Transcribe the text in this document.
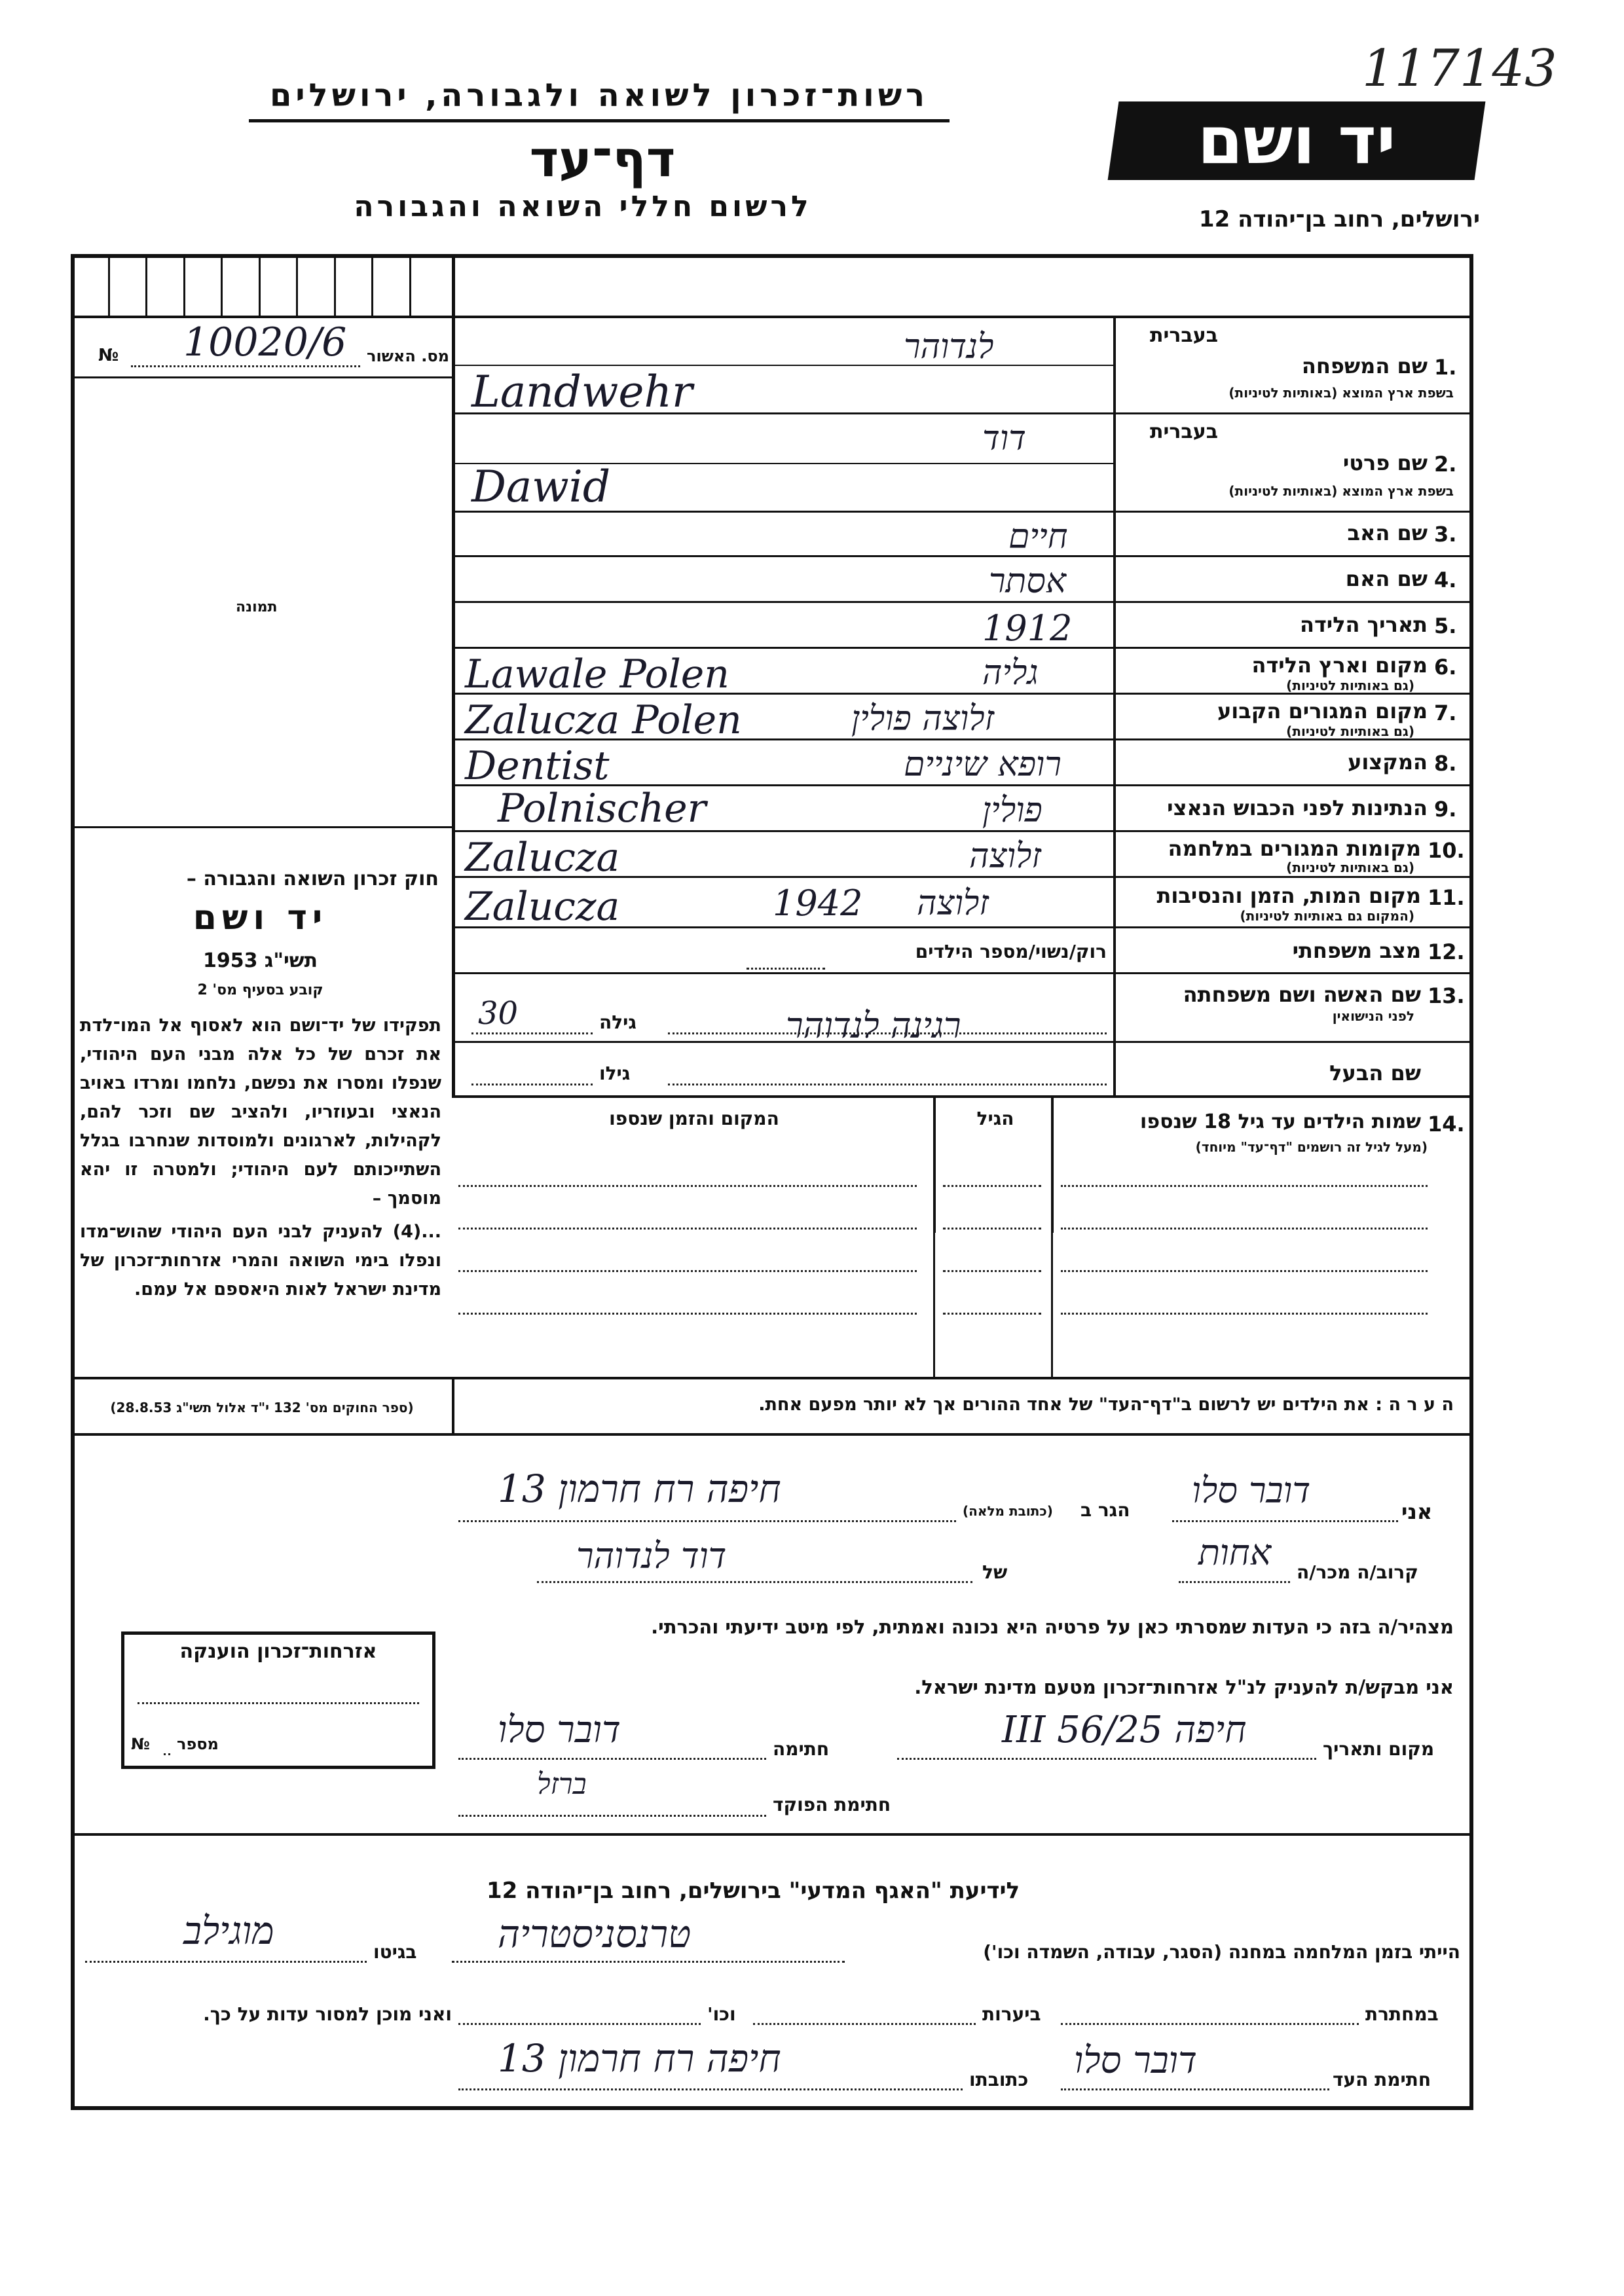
117143
רשות־זכרון לשואה ולגבורה, ירושלים
דף־עד
לרשום חללי השואה והגבורה
יד ושם
ירושלים, רחוב בן־יהודה 12
מס. האשור
№ 10020/6
תמונה
חוק זכרון השואה והגבורה –
יד ושם
תשי"ג 1953
קובע בסעיף מס' 2
תפקידו של יד־ושם הוא לאסוף אל המו־לדת את זכרם של כל אלה מבני העם היהודי, שנפלו ומסרו את נפשם, נלחמו ומרדו באויב הנאצי ובעוזריו, ולהציב שם וזכר להם, לקהילות, לארגונים ולמוסדות שנחרבו בגלל השתייכותם לעם היהודי; ולמטרה זו יהא מוסמך –
...(4) להעניק לבני העם היהודי שהוש־מדו ונפלו בימי השואה והמרי אזרחות־זכרון של מדינת ישראל לאות היאספם אל עמם.
(ספר החוקים מס' 132 י"ד אלול תשי"ג 28.8.53)
בעברית
1.
שם המשפחה
בשפת ארץ המוצא (באותיות לטיניות)
לנדוהר
Landwehr
בעברית
2.
שם פרטי
בשפת ארץ המוצא (באותיות לטיניות)
דוד
Dawid
3.
שם האב
חיים
4.
שם האם
אסתר
5.
תאריך הלידה
1912
6.
מקום וארץ הלידה
(גם באותיות לטיניות)
גליה
Lawale Polen
7.
מקום המגורים הקבוע
(גם באותיות לטיניות)
זלוצה פולין
Zalucza Polen
8.
המקצוע
רופא שיניים
Dentist
9.
הנתינות לפני הכבוש הנאצי
פולין
Polnischer
10.
מקומות המגורים במלחמה
(גם באותיות לטיניות)
זלוצה
Zalucza
11.
מקום המות, הזמן והנסיבות
(המקום גם באותיות לטיניות)
זלוצה
1942
Zalucza
12.
מצב משפחתי
רוק/נשוי/מספר הילדים
13.
שם האשה ושם משפחתה
לפני הנישואין
רגינה לנדוהר
גילה
30
שם הבעל
גילו
14.
שמות הילדים עד גיל 18 שנספו
(מעל לגיל זה רושמים "דף־עד" מיוחד)
הגיל
המקום והזמן שנספו
ה ע ר ה : את הילדים יש לרשום ב"דף־העד" של אחד ההורים אך לא יותר מפעם אחת.
אני
דובר סלו
הגר ב
(כתובת מלאה)
חיפה רח חרמון 13
קרוב/ה מכר/ה
אחות
של
דוד לנדוהר
מצהיר/ה בזה כי העדות שמסרתי כאן על פרטיה היא נכונה ואמתית, לפי מיטב ידיעתי והכרתי.
אני מבקש/ת להעניק לנ"ל אזרחות־זכרון מטעם מדינת ישראל.
מקום ותאריך
חיפה 25/III 56
חתימה
דובר סלו
חתימת הפוקד
ברזל
אזרחות־זכרון הוענקה
מספר
№
לידיעת "האגף המדעי" בירושלים, רחוב בן־יהודה 12
הייתי בזמן המלחמה במחנה (הסגר, עבודה, השמדה וכו')
טרנסניסטריה
בגיטו
מוגילב
במחתרת
ביערות
וכו'
ואני מוכן למסור עדות על כך.
חתימת העד
דובר סלו
כתובתו
חיפה רח חרמון 13
